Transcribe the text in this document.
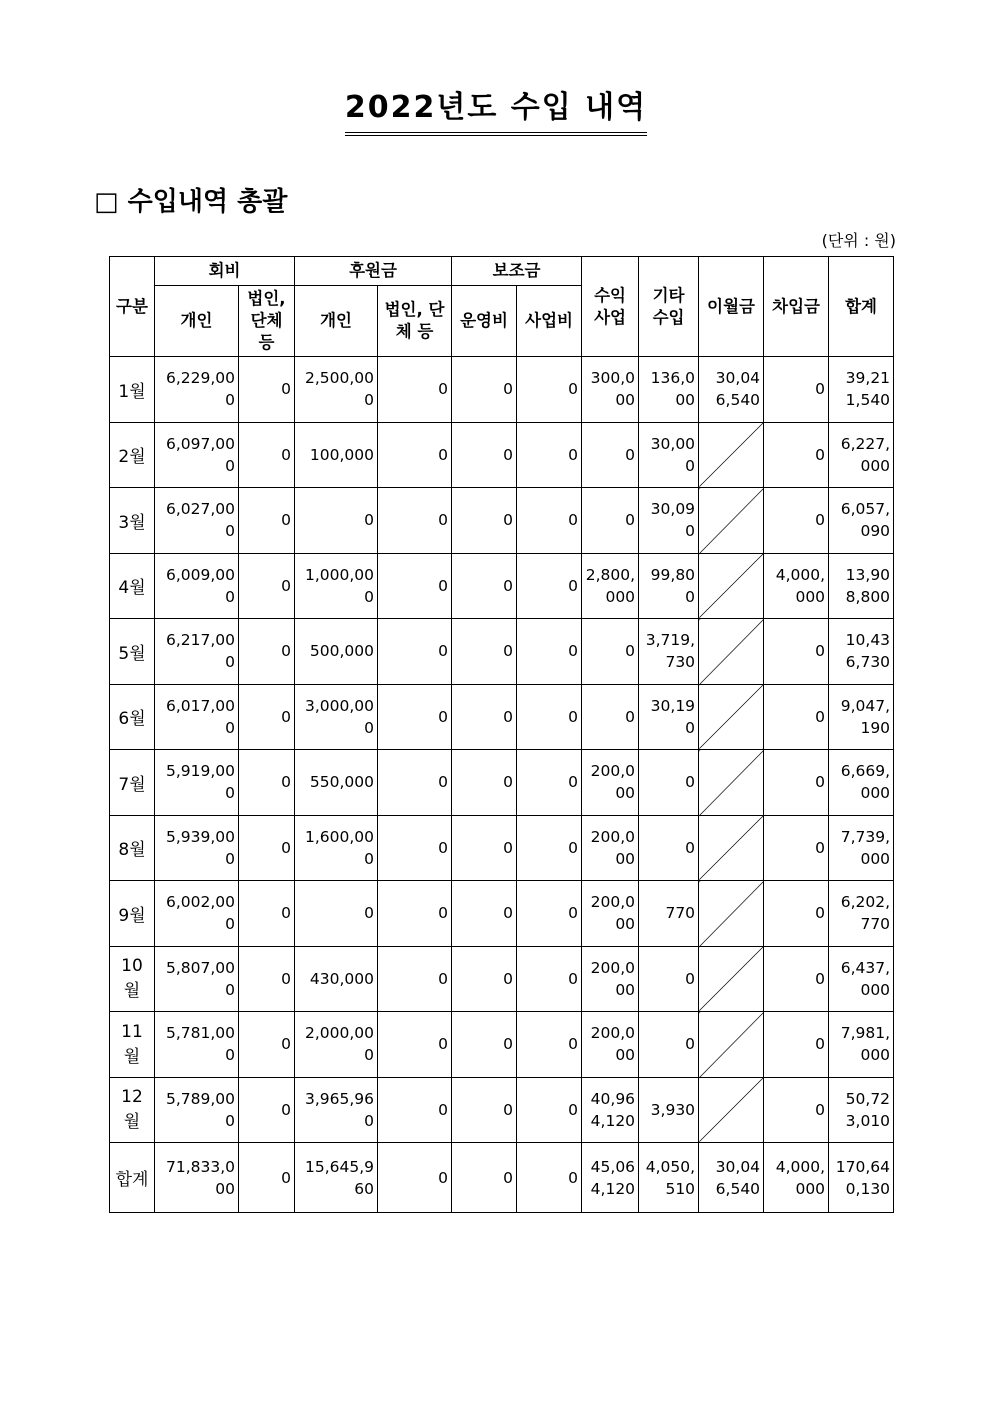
2022년도 수입 내역
□ 수입내역 총괄
(단위 : 원)
구분	회비		후원금		보조금		수익 사업	기타 수입	이월금	차입금	합계
	개인	법인, 단체 등	개인	법인, 단체 등	운영비	사업비					
1월	6,229,000	0	2,500,000	0	0	0	300,000	136,000	30,046,540	0	39,211,540
2월	6,097,000	0	100,000	0	0	0	0	30,000		0	6,227,000
3월	6,027,000	0	0	0	0	0	0	30,090		0	6,057,090
4월	6,009,000	0	1,000,000	0	0	0	2,800,000	99,800		4,000,000	13,908,800
5월	6,217,000	0	500,000	0	0	0	0	3,719,730		0	10,436,730
6월	6,017,000	0	3,000,000	0	0	0	0	30,190		0	9,047,190
7월	5,919,000	0	550,000	0	0	0	200,000	0		0	6,669,000
8월	5,939,000	0	1,600,000	0	0	0	200,000	0		0	7,739,000
9월	6,002,000	0	0	0	0	0	200,000	770		0	6,202,770
10월	5,807,000	0	430,000	0	0	0	200,000	0		0	6,437,000
11월	5,781,000	0	2,000,000	0	0	0	200,000	0		0	7,981,000
12월	5,789,000	0	3,965,960	0	0	0	40,964,120	3,930		0	50,723,010
합계	71,833,000	0	15,645,960	0	0	0	45,064,120	4,050,510	30,046,540	4,000,000	170,640,130
